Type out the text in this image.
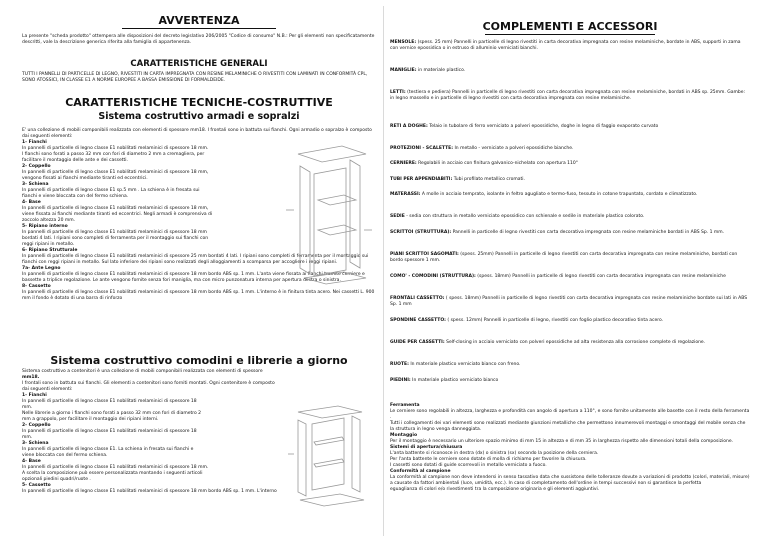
AVVERTENZA

La presente "scheda prodotto" ottempera alle disposizioni del decreto legislativo 206/2005 "Codice di consumo" N.B.: Per gli elementi non specificatamente descritti, vale la descrizione generica riferita alla famiglia di appartenenza.

CARATTERISTICHE GENERALI

TUTTI I PANNELLI DI PARTICELLE DI LEGNO, RIVESTITI IN CARTA IMPREGNATA CON RESINE MELAMINICHE O RIVESTITI CON LAMINATI IN CONFORMITÀ CPL, SONO ATOSSICI, IN CLASSE E1 A NORME EUROPEE A BASSA EMISSIONE DI FORMALDEIDE.

CARATTERISTICHE TECNICHE-COSTRUTTIVE
Sistema costruttivo armadi e sopralzi

E' una collezione di mobili componibili realizzata con elementi di spessore mm18. I frontali sono in battuta sui fianchi. Ogni armadio o sopralzo è composto dai seguenti elementi:

1- Fianchi

In pannelli di particelle di legno classe E1 nobilitati melaminici di spessore 18 mm.

I fianchi sono forati a passo 32 mm con fori di diametro 2 mm a cremagliera, per

facilitare il montaggio delle ante e dei cassetti.

2- Coppello

In pannelli di particelle di legno classe E1 nobilitati melaminici di spessore 18 mm,

vengono fissati ai fianchi mediante tiranti ed eccentrici.

3- Schiena

In pannelli di particelle di legno classe E1 sp.5 mm . La schiena è in fresata sui

fianchi e viene bloccata con del fermo schiena.

4- Base

In pannelli di particelle di legno classe E1 nobilitati melaminici di spessore 18 mm,

viene fissata ai fianchi mediante tiranti ed eccentrici. Negli armadi è comprensiva di

zoccolo altezza 20 mm.

5- Ripiano interno

In pannelli di particelle di legno classe E1 nobilitati melaminici di spessore 18 mm

bordati 4 lati. I ripiani sono completi di ferramenta per il montaggio sui fianchi con

reggi ripiani in metallo.

6- Ripiano Strutturale

In pannelli di particelle di legno classe E1 nobilitati melaminici di spessore 25 mm bordati 4 lati. I ripiani sono completi di ferramenta per il montaggio sui fianchi con reggi ripiani in metallo. Sul lato inferiore dei ripiani sono realizzati degli alloggiamenti a scomparsa per accogliere i reggi ripiani.

7a- Ante Legno

In pannelli di particelle di legno classe E1 nobilitati melaminici di spessore 18 mm bordo ABS sp. 1 mm. L'anta viene fissata ai fianchi tramite cerniere e bassette a triplice regolazione. Le ante vengono fornite senza fori maniglia, ma con micro punzonatura interna per apertura destra o sinistra.

8- Cassetto

In pannelli di particelle di legno classe E1 nobilitati melaminici di spessore 18 mm bordo ABS sp. 1 mm. L'interno è in finitura tinta acero. Nei cassetti L. 900 mm il fondo è dotato di una barra di rinforzo

Sistema costruttivo comodini e librerie a giorno

Sistema costruttivo a contenitori è una collezione di mobili componibili realizzata con elementi di spessore

mm18.

I frontali sono in battuta sui fianchi. Gli elementi a contenitori sono forniti montati. Ogni contenitore è composto

dai seguenti elementi:

1- Fianchi

In pannelli di particelle di legno classe E1 nobilitati melaminici di spessore 18

mm.

Nelle librerie a giorno i fianchi sono forati a passo 32 mm con fori di diametro 2

mm a grappolo, per facilitare il montaggio dei ripiani interni.

2- Coppello

In pannelli di particelle di legno classe E1 nobilitati melaminici di spessore 18

mm.

3- Schiena

In pannelli di particelle di legno classe E1. La schiena in fresata sui fianchi e

viene bloccata con del fermo schiena.

4- Base

In pannelli di particelle di legno classe E1 nobilitati melaminici di spessore 18 mm.

A scelta la composizione può essere personalizzata montando i seguenti articoli

opzionali piedini quadri/ruote .

5- Cassetto

In pannelli di particelle di legno classe E1 nobilitati melaminici di spessore 18 mm bordo ABS sp. 1 mm. L'interno

COMPLEMENTI E ACCESSORI

MENSOLE: (spess. 25 mm) Pannelli in particelle di legno rivestiti in carta decorativa impregnata con resine melaminiche, bordate in ABS, supporti in zama con vernice epossidica o in estruso di alluminio verniciati bianchi.

MANIGLIE: in materiale plastico.

LETTI: (testiera e pediera) Pannelli in particelle di legno rivestiti con carta decorativa impregnata con resine melaminiche, bordati in ABS sp. 25mm. Gambe: in legno massello e in particelle di legno rivestiti con carta decorativa impregnata con resine melaminiche.

RETI A DOGHE: Telaio in tubolare di ferro verniciato a polveri epossidiche, doghe in legno di faggio evaporato curvato

PROTEZIONI - SCALETTE: In metallo - verniciate a polveri epossidiche bianche.

CERNIERE: Regolabili in acciaio con finitura galvanico-nichelato con apertura 110°

TUBI PER APPENDIABITI: Tubi profilato metallico cromati.

MATERASSI: A molle in acciaio temprato, isolante in feltro agugliato e termo-fuso, tessuto in cotone trapuntato, cordato e climatizzato.

SEDIE - sedia con struttura in metallo verniciato epossidico con schienale e sedile in materiale plastico colorato.

SCRITTOI (STRUTTURA): Pannelli in particelle di legno rivestiti con carta decorativa impregnata con resine melaminiche bordati in ABS Sp. 1 mm.

PIANI SCRITTOI SAGOMATI: (spess. 25mm) Pannelli in particelle di legno rivestiti con carta decorativa impregnata con resine melaminiche, bordati con bordo spessore 1 mm.

COMO' - COMODINI (STRUTTURA): (spess. 18mm) Pannelli in particelle di legno rivestiti con carta decorativa impregnata con resine melaminiche

FRONTALI CASSETTO: ( spess. 18mm) Pannelli in particelle di legno rivestiti con carta decorativa impregnata con resine melaminiche bordate sui lati in ABS Sp. 1 mm

SPONDINE CASSETTO: ( spess. 12mm) Pannelli in particelle di legno, rivestiti con foglio plastico decorativo tinta acero.

GUIDE PER CASSETTI: Self-closing in acciaio verniciato con polveri epossidiche ad alta resistenza alla corrosione complete di regolazione.

RUOTE: In materiale plastico verniciato bianco con freno.

PIEDINI: In materiale plastico verniciato bianco

Ferramenta

Le cerniere sono regolabili in altezza, larghezza e profondità con angolo di apertura a 110°, e sono fornite unitamente alle basette con il resto della ferramenta .

Tutti i collegamenti dei vari elementi sono realizzati mediante giunzioni metalliche che permettono innumerevoli montaggi e smontaggi del mobile senza che la struttura in legno venga danneggiata.

Montaggio

Per il montaggio è necessario un ulteriore spazio minimo di mm 15 in altezza e di mm 35 in larghezza rispetto alle dimensioni totali della composizione.

Sistemi di apertura/chiusura

L'anta battente si riconosce in destra (dx) o sinistra (sx) secondo la posizione della cerniera.

Per l'anta battente le cerniere sono dotate di molla di richiamo per favorire la chiusura.

I cassetti sono dotati di guide scorrevoli in metallo verniciato a fuoco.

Conformità al campione

La conformità al campione non deve intendersi in senso tassativo data che sussistono delle tolleranze dovute a variazioni di prodotto (colori, materiali, misure) a causate da fattori ambientali (luce, umidità, ecc.). In caso di completamento dell'ordine in tempi successivi non si garantisce la perfetta

eguaglianza di colori e/o rivestimenti tra la composizione originaria e gli elementi aggiuntivi.
